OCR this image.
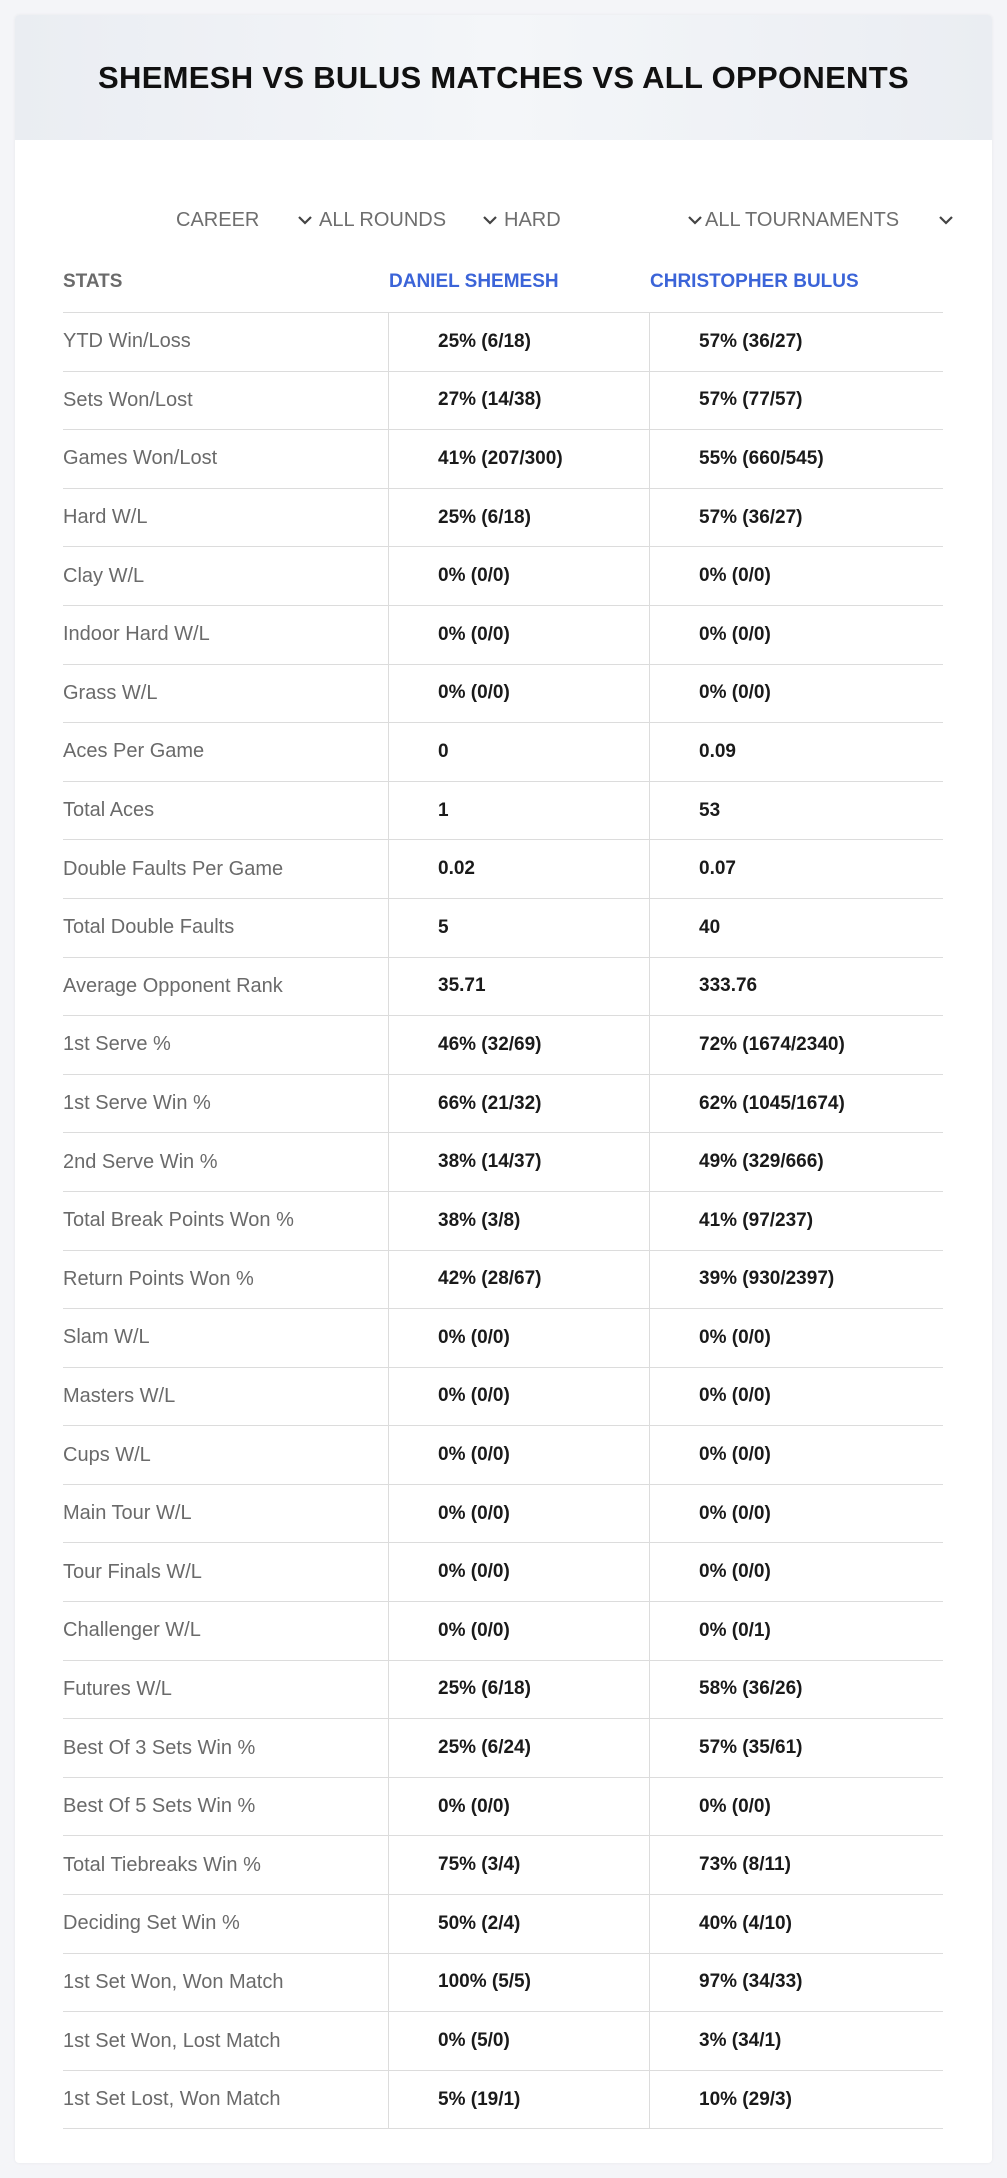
SHEMESH VS BULUS MATCHES VS ALL OPPONENTS
CAREER	ALL ROUNDS	HARD	ALL TOURNAMENTS
STATS	DANIEL SHEMESH	CHRISTOPHER BULUS
YTD Win/Loss	25% (6/18)	57% (36/27)
Sets Won/Lost	27% (14/38)	57% (77/57)
Games Won/Lost	41% (207/300)	55% (660/545)
Hard W/L	25% (6/18)	57% (36/27)
Clay W/L	0% (0/0)	0% (0/0)
Indoor Hard W/L	0% (0/0)	0% (0/0)
Grass W/L	0% (0/0)	0% (0/0)
Aces Per Game	0	0.09
Total Aces	1	53
Double Faults Per Game	0.02	0.07
Total Double Faults	5	40
Average Opponent Rank	35.71	333.76
1st Serve %	46% (32/69)	72% (1674/2340)
1st Serve Win %	66% (21/32)	62% (1045/1674)
2nd Serve Win %	38% (14/37)	49% (329/666)
Total Break Points Won %	38% (3/8)	41% (97/237)
Return Points Won %	42% (28/67)	39% (930/2397)
Slam W/L	0% (0/0)	0% (0/0)
Masters W/L	0% (0/0)	0% (0/0)
Cups W/L	0% (0/0)	0% (0/0)
Main Tour W/L	0% (0/0)	0% (0/0)
Tour Finals W/L	0% (0/0)	0% (0/0)
Challenger W/L	0% (0/0)	0% (0/1)
Futures W/L	25% (6/18)	58% (36/26)
Best Of 3 Sets Win %	25% (6/24)	57% (35/61)
Best Of 5 Sets Win %	0% (0/0)	0% (0/0)
Total Tiebreaks Win %	75% (3/4)	73% (8/11)
Deciding Set Win %	50% (2/4)	40% (4/10)
1st Set Won, Won Match	100% (5/5)	97% (34/33)
1st Set Won, Lost Match	0% (5/0)	3% (34/1)
1st Set Lost, Won Match	5% (19/1)	10% (29/3)
